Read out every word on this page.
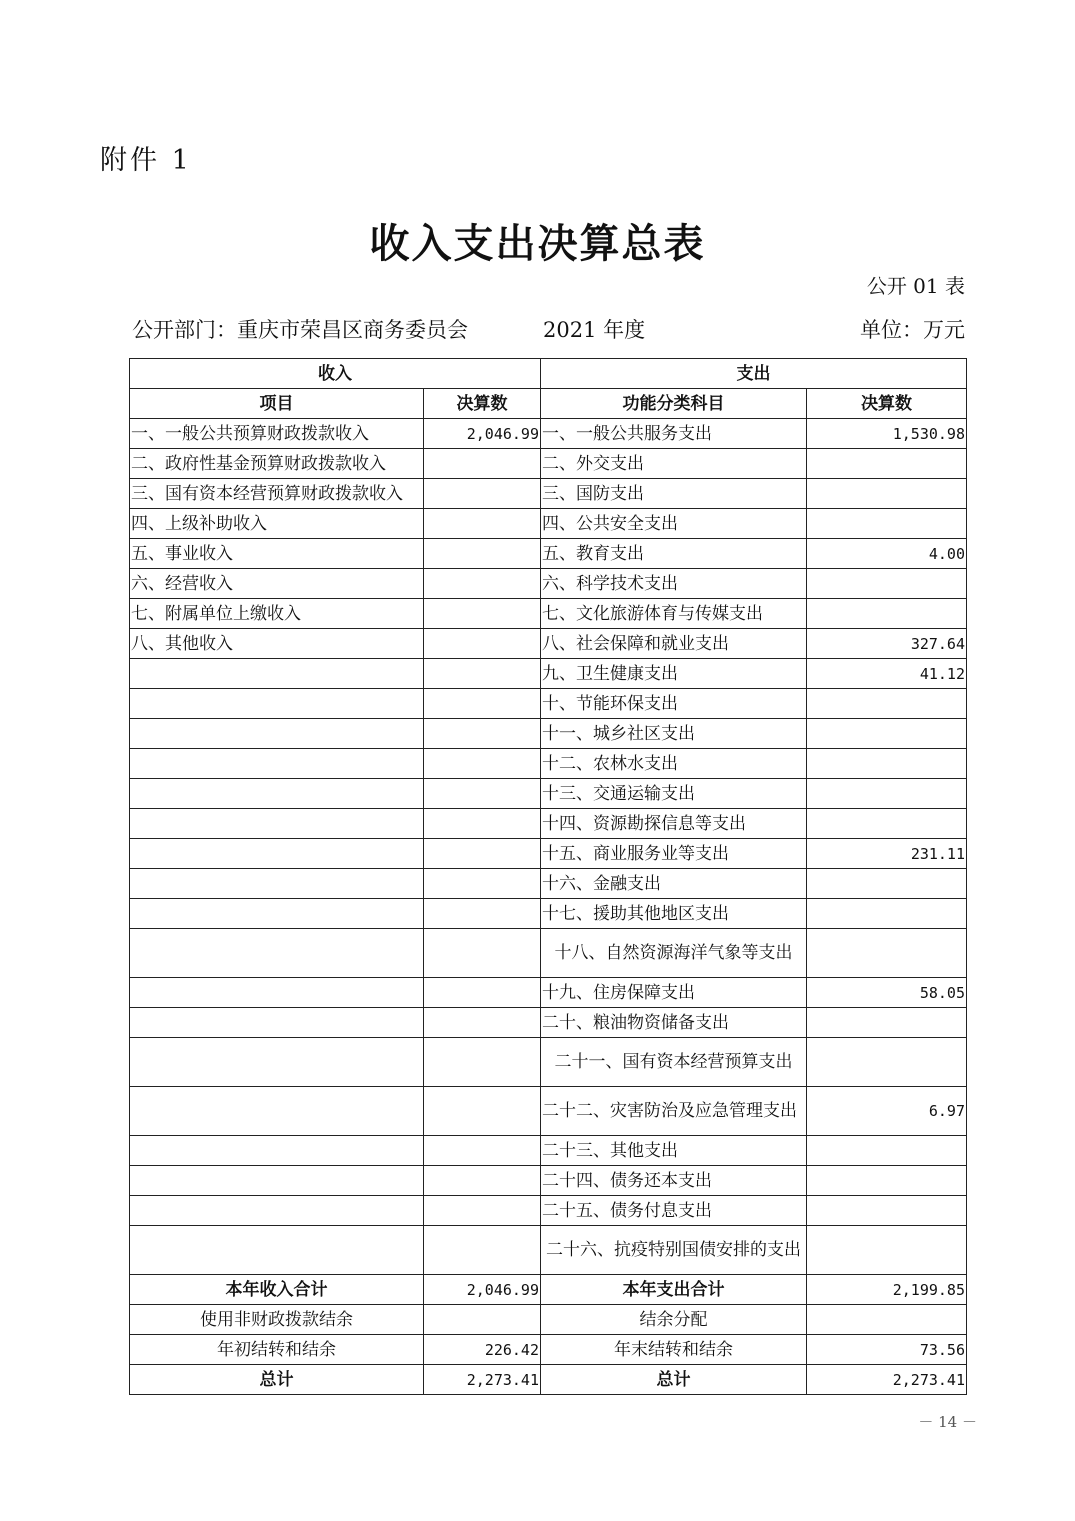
附件 1
收入支出决算总表
公开 01 表
公开部门：重庆市荣昌区商务委员会	2021 年度	单位：万元
收入		支出	
项目	决算数	功能分类科目	决算数
一、一般公共预算财政拨款收入	2,046.99	一、一般公共服务支出	1,530.98
二、政府性基金预算财政拨款收入		二、外交支出	
三、国有资本经营预算财政拨款收入		三、国防支出	
四、上级补助收入		四、公共安全支出	
五、事业收入		五、教育支出	4.00
六、经营收入		六、科学技术支出	
七、附属单位上缴收入		七、文化旅游体育与传媒支出	
八、其他收入		八、社会保障和就业支出	327.64
		九、卫生健康支出	41.12
		十、节能环保支出	
		十一、城乡社区支出	
		十二、农林水支出	
		十三、交通运输支出	
		十四、资源勘探信息等支出	
		十五、商业服务业等支出	231.11
		十六、金融支出	
		十七、援助其他地区支出	
		十八、自然资源海洋气象等支出	
		十九、住房保障支出	58.05
		二十、粮油物资储备支出	
		二十一、国有资本经营预算支出	
		二十二、灾害防治及应急管理支出	6.97
		二十三、其他支出	
		二十四、债务还本支出	
		二十五、债务付息支出	
		二十六、抗疫特别国债安排的支出	
本年收入合计	2,046.99	本年支出合计	2,199.85
使用非财政拨款结余		结余分配	
年初结转和结余	226.42	年末结转和结余	73.56
总计	2,273.41	总计	2,273.41
－ 14 －
